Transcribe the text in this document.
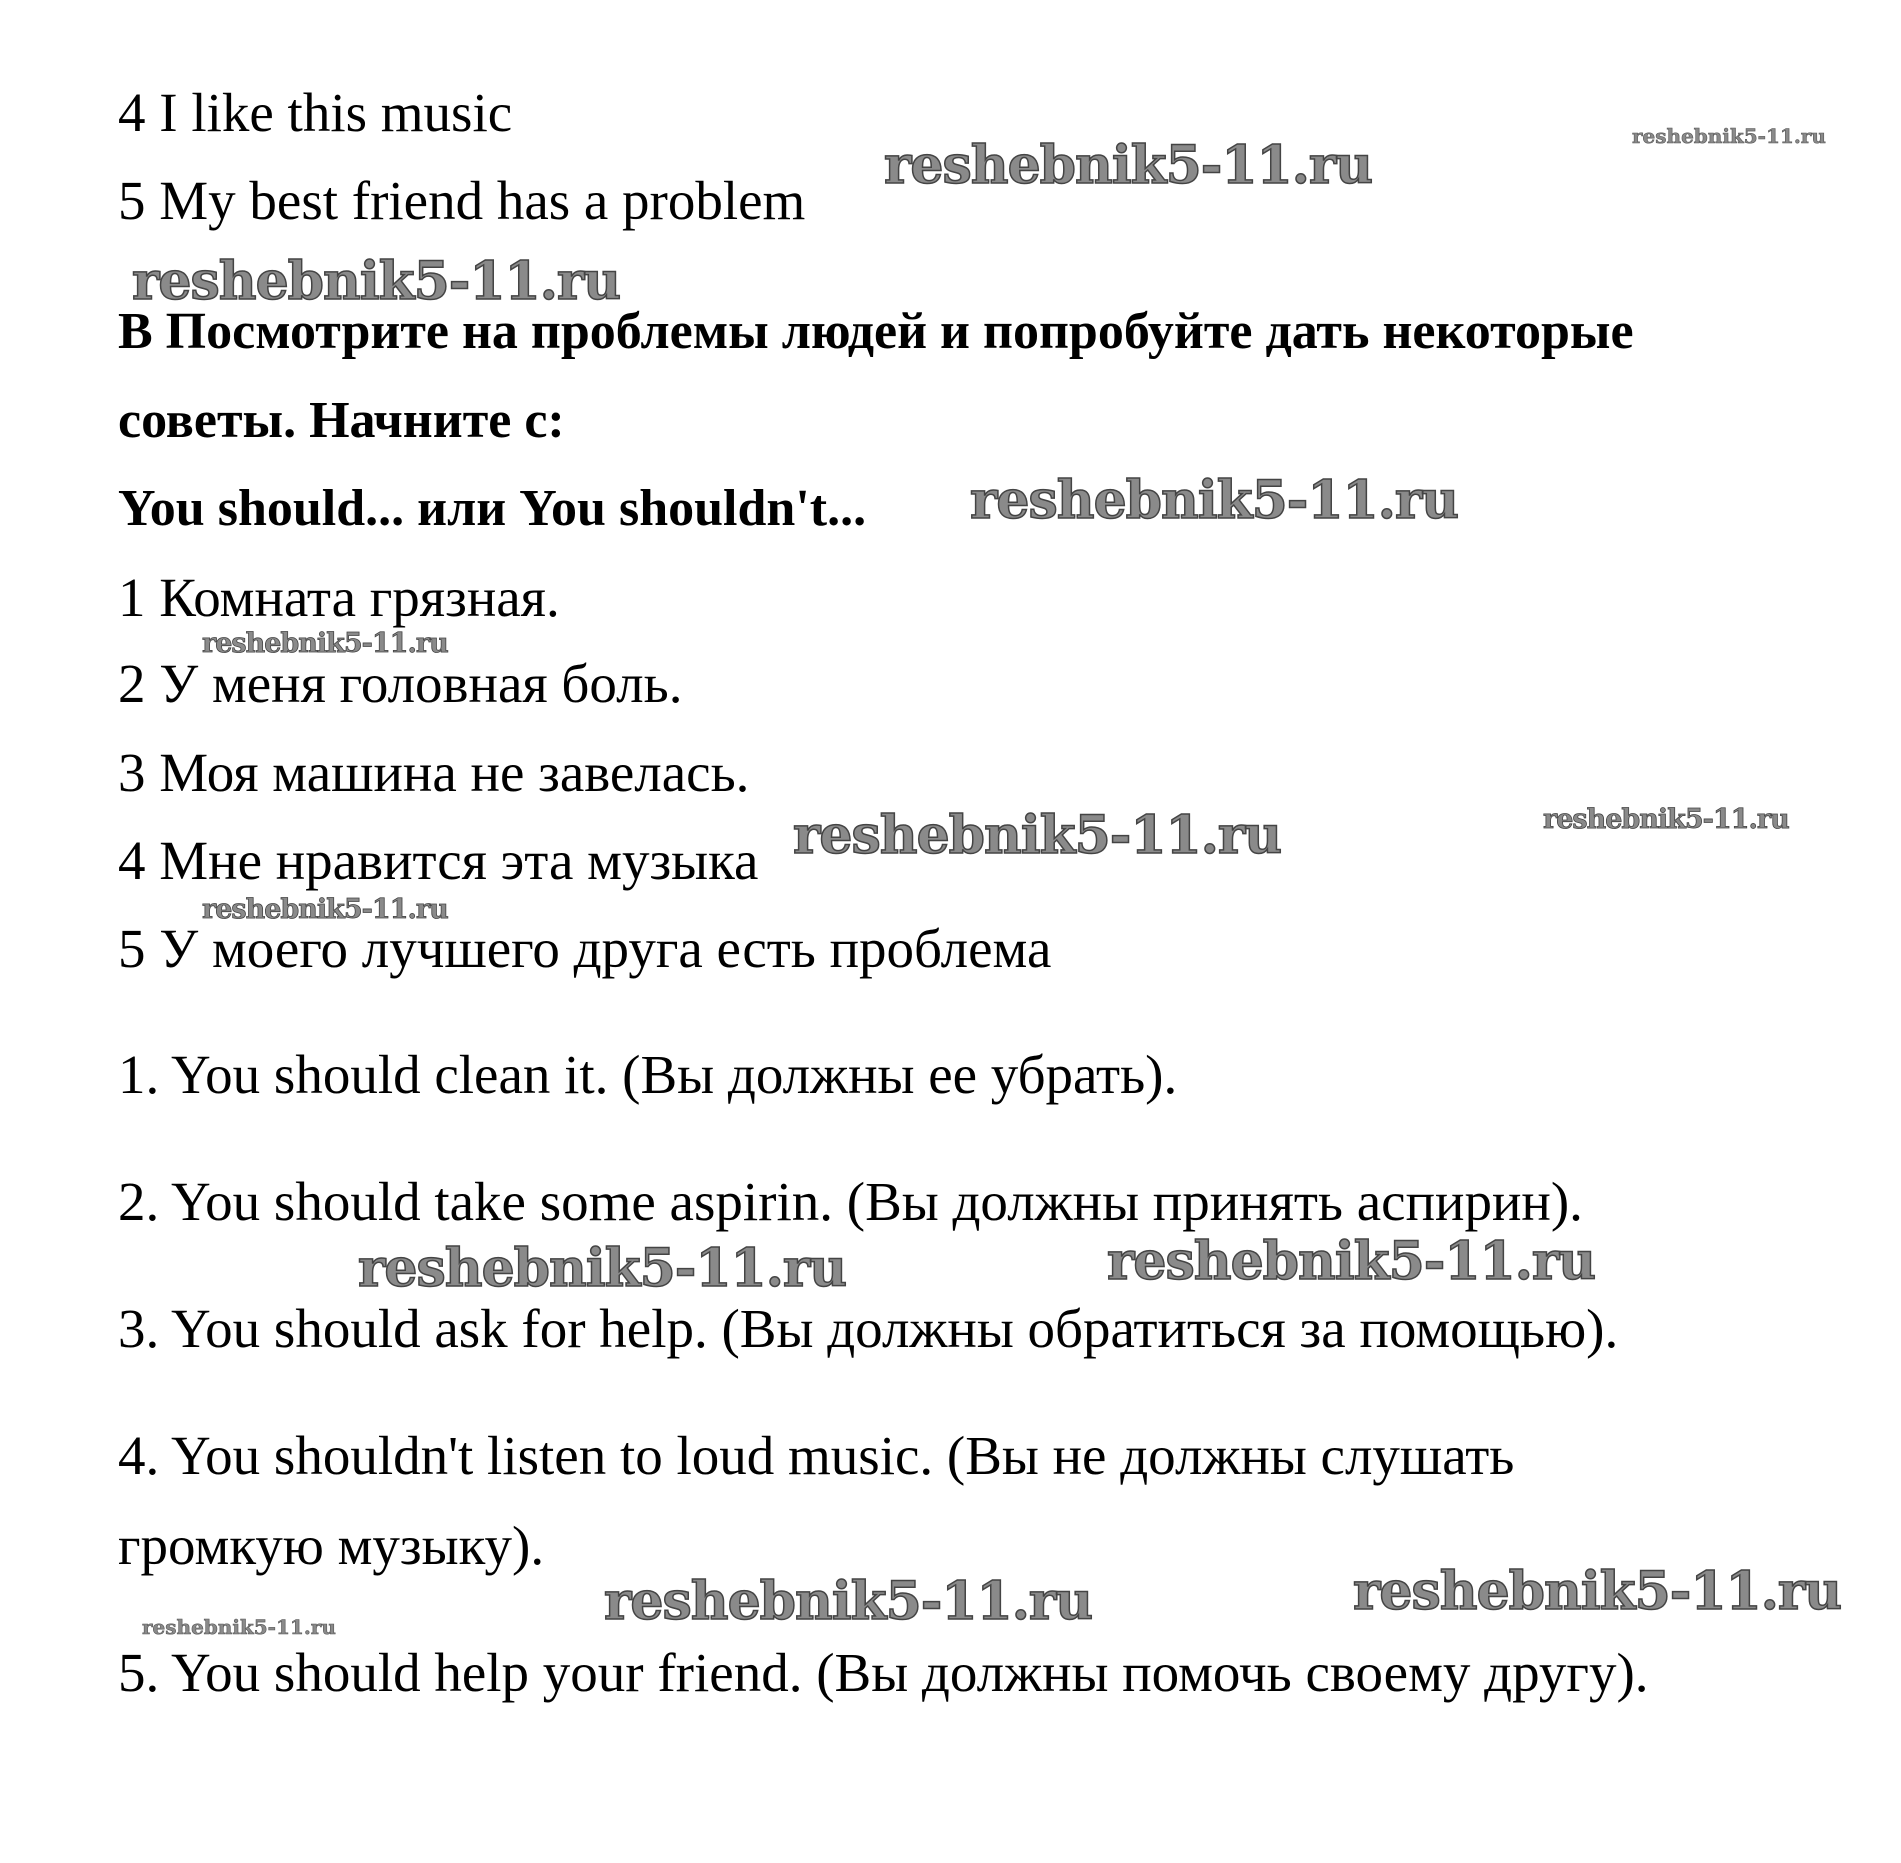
4 I like this music

5 My best friend has a problem

B Посмотрите на проблемы людей и попробуйте дать некоторые

советы. Начните с:

You should... или You shouldn't...

1 Комната грязная.

2 У меня головная боль.

3 Моя машина не завелась.

4 Мне нравится эта музыка

5 У моего лучшего друга есть проблема

1. You should clean it. (Вы должны ее убрать).

2. You should take some aspirin. (Вы должны принять аспирин).

3. You should ask for help. (Вы должны обратиться за помощью).

4. You shouldn't listen to loud music. (Вы не должны слушать

громкую музыку).

5. You should help your friend. (Вы должны помочь своему другу).

reshebnik5-11.ru	reshebnik5-11.ru
reshebnik5-11.ru
reshebnik5-11.ru
reshebnik5-11.ru
reshebnik5-11.ru	reshebnik5-11.ru
reshebnik5-11.ru
reshebnik5-11.ru	reshebnik5-11.ru
reshebnik5-11.ru	reshebnik5-11.ru
reshebnik5-11.ru
